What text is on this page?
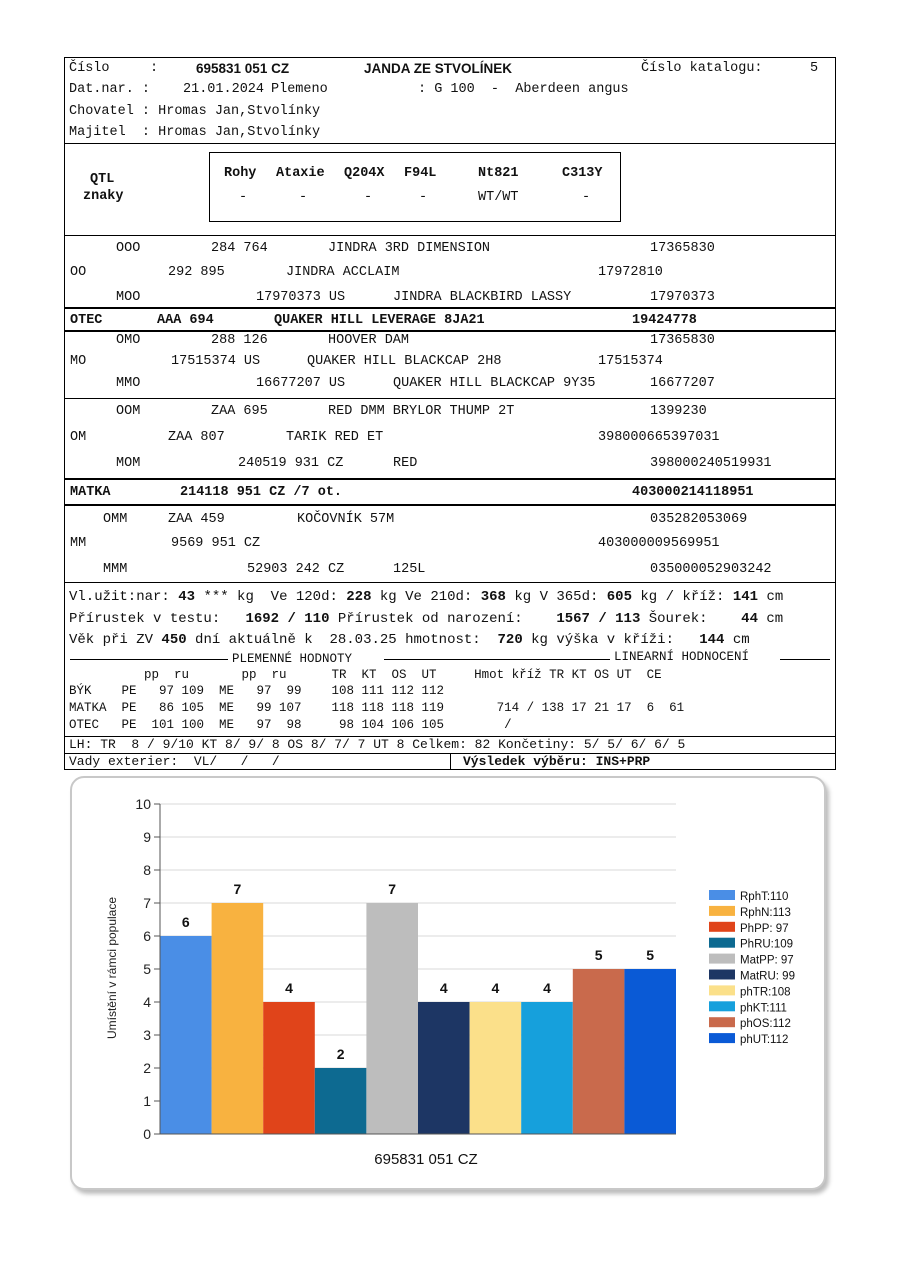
Číslo	:	695831 051 CZ	JANDA ZE STVOLÍNEK	Číslo katalogu:	5
Dat.nar. : 21.01.2024 Plemeno	: G 100  -  Aberdeen angus
Chovatel : Hromas Jan,Stvolínky
Majitel  : Hromas Jan,Stvolínky
QTL
znaky
Rohy Ataxie Q204X F94L	Nt821	C313Y
-	-	-	-	WT/WT	-
OOO	284 764	JINDRA 3RD DIMENSION	17365830
OO	292 895	JINDRA ACCLAIM	17972810
MOO	17970373 US	JINDRA BLACKBIRD LASSY	17970373
OTEC	AAA 694	QUAKER HILL LEVERAGE 8JA21	19424778
OMO	288 126	HOOVER DAM	17365830
MO	17515374 US	QUAKER HILL BLACKCAP 2H8	17515374
MMO	16677207 US	QUAKER HILL BLACKCAP 9Y35	16677207
OOM	ZAA 695	RED DMM BRYLOR THUMP 2T	1399230
OM	ZAA 807	TARIK RED ET	398000665397031
MOM	240519 931 CZ	RED	398000240519931
MATKA	214118 951 CZ /7 ot.	403000214118951
OMM	ZAA 459	KOČOVNÍK 57M	035282053069
MM	9569 951 CZ	403000009569951
MMM	52903 242 CZ	125L	035000052903242
Vl.užit:nar: 43 *** kg  Ve 120d: 228 kg Ve 210d: 368 kg V 365d: 605 kg / kříž: 141 cm
Přírustek v testu: 1692 / 110 Přírustek od narození: 1567 / 113 Šourek: 44 cm
Věk při ZV 450 dní aktuálně k  28.03.25 hmotnost: 720 kg výška v kříži: 144 cm
PLEMENNÉ HODNOTY	LINEARNÍ HODNOCENÍ
pp  ru       pp  ru      TR  KT  OS  UT     Hmot kříž TR KT OS UT  CE
BÝK    PE   97 109  ME   97  99    108 111 112 112
MATKA  PE   86 105  ME   99 107    118 118 118 119       714 / 138 17 21 17  6  61
OTEC   PE  101 100  ME   97  98     98 104 106 105        /
LH: TR  8 / 9/10 KT 8/ 9/ 8 OS 8/ 7/ 7 UT 8 Celkem: 82 Končetiny: 5/ 5/ 6/ 6/ 5
Vady exterier:  VL/   /   /	Výsledek výběru: INS+PRP
6
7
4
2
7
4	4	4
5	5
0
1
2
3
4
5
6
7
8
9
10
RphT:110
RphN:113
PhPP: 97
PhRU:109
MatPP: 97
MatRU: 99
phTR:108
phKT:111
phOS:112
phUT:112
Umístění v rámci populace
695831 051 CZ
